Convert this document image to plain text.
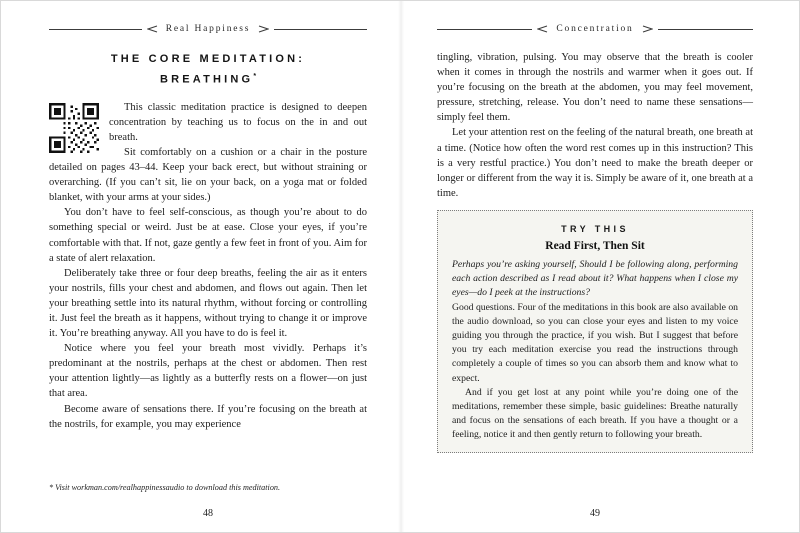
Real Happiness
THE CORE MEDITATION:
BREATHING*

This classic meditation practice is designed to deepen concentration by teaching us to focus on the in and out breath.

Sit comfortably on a cushion or a chair in the posture detailed on pages 43–44. Keep your back erect, but without straining or overarching. (If you can’t sit, lie on your back, on a yoga mat or folded blanket, with your arms at your sides.)

You don’t have to feel self-conscious, as though you’re about to do something special or weird. Just be at ease. Close your eyes, if you’re comfortable with that. If not, gaze gently a few feet in front of you. Aim for a state of alert relaxation.

Deliberately take three or four deep breaths, feeling the air as it enters your nostrils, fills your chest and abdomen, and flows out again. Then let your breathing settle into its natural rhythm, without forcing or controlling it. Just feel the breath as it happens, without trying to change it or improve it. You’re breathing anyway. All you have to do is feel it.

Notice where you feel your breath most vividly. Perhaps it’s predominant at the nostrils, perhaps at the chest or abdomen. Then rest your attention lightly—as lightly as a butterfly rests on a flower—on just that area.

Become aware of sensations there. If you’re focusing on the breath at the nostrils, for example, you may experience

* Visit workman.com/realhappinessaudio to download this meditation.
48
Concentration

tingling, vibration, pulsing. You may observe that the breath is cooler when it comes in through the nostrils and warmer when it goes out. If you’re focusing on the breath at the abdomen, you may feel movement, pressure, stretching, release. You don’t need to name these sensations—simply feel them.

Let your attention rest on the feeling of the natural breath, one breath at a time. (Notice how often the word rest comes up in this instruction? This is a very restful practice.) You don’t need to make the breath deeper or longer or different from the way it is. Simply be aware of it, one breath at a time.

TRY THIS
Read First, Then Sit

Perhaps you’re asking yourself, Should I be following along, performing each action described as I read about it? What happens when I close my eyes—do I peek at the instructions?

Good questions. Four of the meditations in this book are also available on the audio download, so you can close your eyes and listen to my voice guiding you through the practice, if you wish. But I suggest that before you try each meditation exercise you read the instructions through completely a couple of times so you can absorb them and know what to expect.

And if you get lost at any point while you’re doing one of the meditations, remember these simple, basic guidelines: Breathe naturally and focus on the sensations of each breath. If you have a thought or a feeling, notice it and then gently return to following your breath.

49
